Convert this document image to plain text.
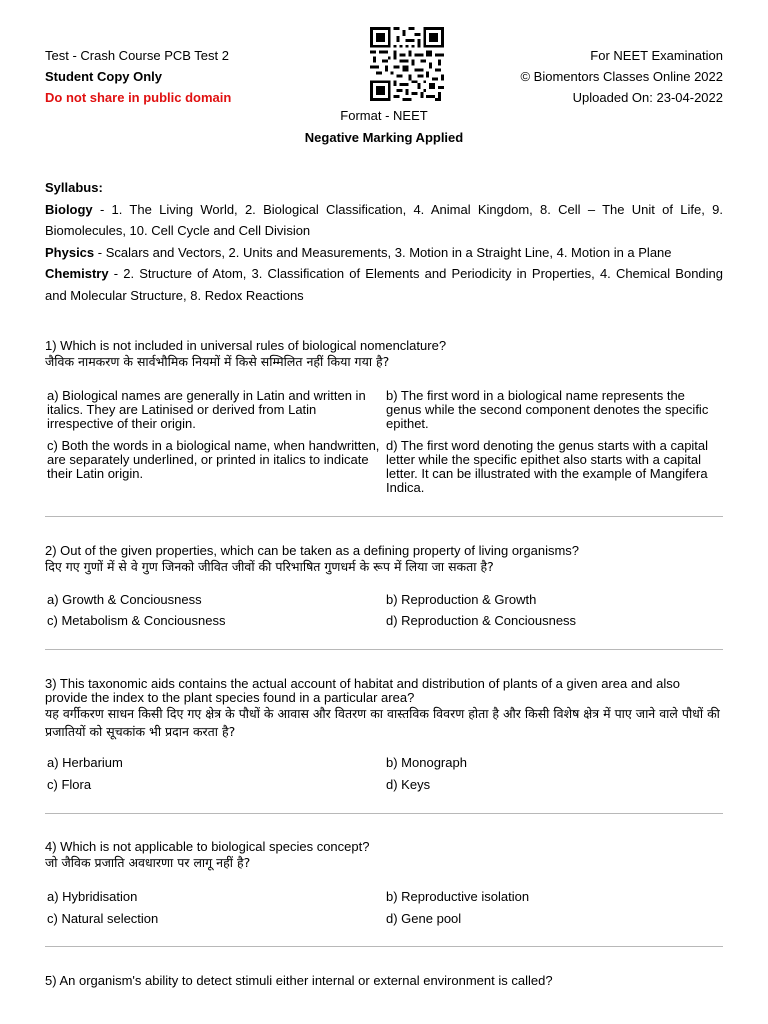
Test - Crash Course PCB Test 2
Student Copy Only
Do not share in public domain
For NEET Examination
© Biomentors Classes Online 2022
Uploaded On: 23-04-2022
Format - NEET
Negative Marking Applied

Syllabus:

Biology - 1. The Living World, 2. Biological Classification, 4. Animal Kingdom, 8. Cell – The Unit of Life, 9. Biomolecules, 10. Cell Cycle and Cell Division

Physics - Scalars and Vectors, 2. Units and Measurements, 3. Motion in a Straight Line, 4. Motion in a Plane

Chemistry - 2. Structure of Atom, 3. Classification of Elements and Periodicity in Properties, 4. Chemical Bonding and Molecular Structure, 8. Redox Reactions

1) Which is not included in universal rules of biological nomenclature?
जैविक नामकरण के सार्वभौमिक नियमों में किसे सम्मिलित नहीं किया गया है?
a) Biological names are generally in Latin and written in italics. They are Latinised or derived from Latin irrespective of their origin.
b) The first word in a biological name represents the genus while the second component denotes the specific epithet.
c) Both the words in a biological name, when handwritten, are separately underlined, or printed in italics to indicate their Latin origin.
d) The first word denoting the genus starts with a capital letter while the specific epithet also starts with a capital letter. It can be illustrated with the example of Mangifera Indica.
2) Out of the given properties, which can be taken as a defining property of living organisms?
दिए गए गुणों में से वे गुण जिनको जीवित जीवों की परिभाषित गुणधर्म के रूप में लिया जा सकता है?
a) Growth & Conciousness	b) Reproduction & Growth
c) Metabolism & Conciousness	d) Reproduction & Conciousness
3) This taxonomic aids contains the actual account of habitat and distribution of plants of a given area and also provide the index to the plant species found in a particular area?
यह वर्गीकरण साधन किसी दिए गए क्षेत्र के पौधों के आवास और वितरण का वास्तविक विवरण होता है और किसी विशेष क्षेत्र में पाए जाने वाले पौधों की प्रजातियों को सूचकांक भी प्रदान करता है?
a) Herbarium	b) Monograph
c) Flora	d) Keys
4) Which is not applicable to biological species concept?
जो जैविक प्रजाति अवधारणा पर लागू नहीं है?
a) Hybridisation	b) Reproductive isolation
c) Natural selection	d) Gene pool
5) An organism's ability to detect stimuli either internal or external environment is called?
